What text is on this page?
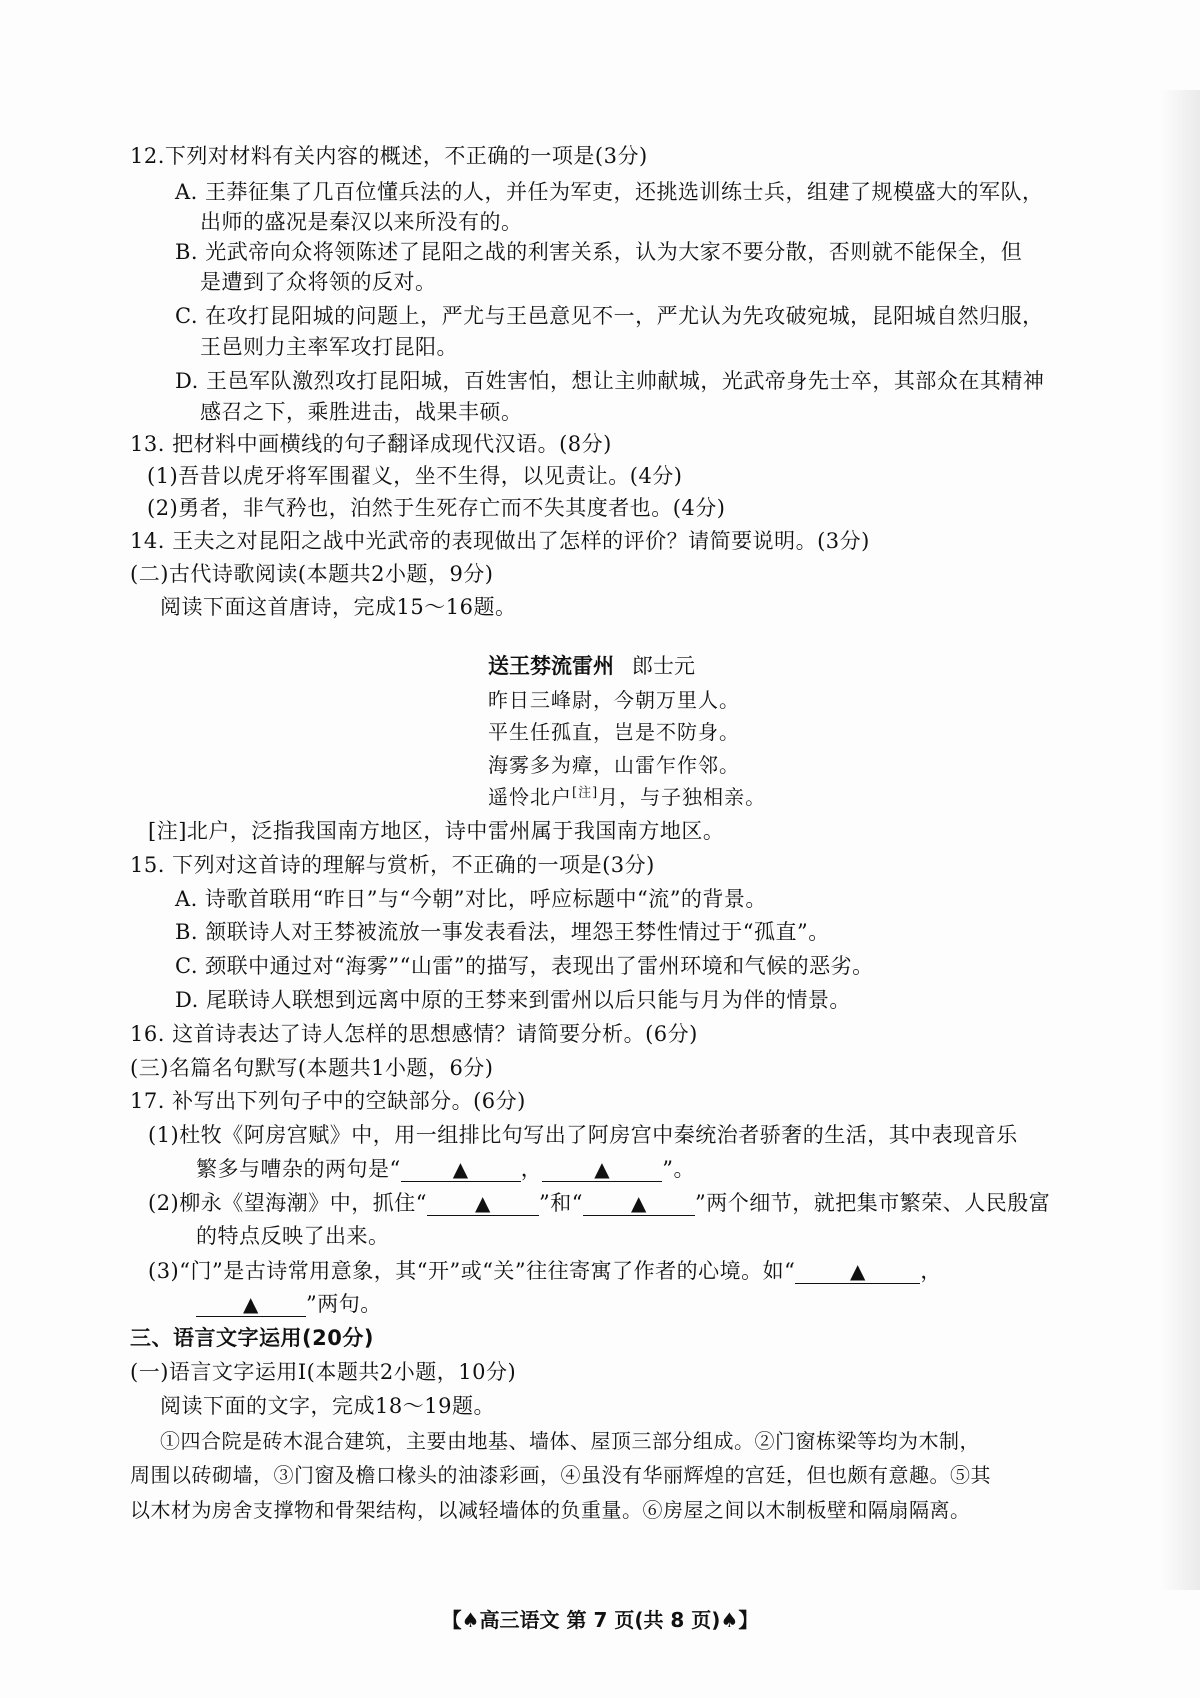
12.下列对材料有关内容的概述，不正确的一项是(3分)
A. 王莽征集了几百位懂兵法的人，并任为军吏，还挑选训练士兵，组建了规模盛大的军队，
出师的盛况是秦汉以来所没有的。
B. 光武帝向众将领陈述了昆阳之战的利害关系，认为大家不要分散，否则就不能保全，但
是遭到了众将领的反对。
C. 在攻打昆阳城的问题上，严尤与王邑意见不一，严尤认为先攻破宛城，昆阳城自然归服，
王邑则力主率军攻打昆阳。
D. 王邑军队激烈攻打昆阳城，百姓害怕，想让主帅献城，光武帝身先士卒，其部众在其精神
感召之下，乘胜进击，战果丰硕。
13. 把材料中画横线的句子翻译成现代汉语。(8分)
(1)吾昔以虎牙将军围翟义，坐不生得，以见责让。(4分)
(2)勇者，非气矜也，泊然于生死存亡而不失其度者也。(4分)
14. 王夫之对昆阳之战中光武帝的表现做出了怎样的评价？请简要说明。(3分)
(二)古代诗歌阅读(本题共2小题，9分)
阅读下面这首唐诗，完成15～16题。
送王棼流雷州 郎士元
昨日三峰尉，今朝万里人。
平生任孤直，岂是不防身。
海雾多为瘴，山雷乍作邻。
遥怜北户[注]月，与子独相亲。
[注]北户，泛指我国南方地区，诗中雷州属于我国南方地区。
15. 下列对这首诗的理解与赏析，不正确的一项是(3分)
A. 诗歌首联用“昨日”与“今朝”对比，呼应标题中“流”的背景。
B. 颔联诗人对王棼被流放一事发表看法，埋怨王棼性情过于“孤直”。
C. 颈联中通过对“海雾”“山雷”的描写，表现出了雷州环境和气候的恶劣。
D. 尾联诗人联想到远离中原的王棼来到雷州以后只能与月为伴的情景。
16. 这首诗表达了诗人怎样的思想感情？请简要分析。(6分)
(三)名篇名句默写(本题共1小题，6分)
17. 补写出下列句子中的空缺部分。(6分)
(1)杜牧《阿房宫赋》中，用一组排比句写出了阿房宫中秦统治者骄奢的生活，其中表现音乐
繁多与嘈杂的两句是“	▲ ，	▲ ”。
(2)柳永《望海潮》中，抓住“ ▲ ”和“ ▲ ”两个细节，就把集市繁荣、人民殷富
的特点反映了出来。
(3)“门”是古诗常用意象，其“开”或“关”往往寄寓了作者的心境。如“	▲	，
▲ ”两句。
三、语言文字运用(20分)
(一)语言文字运用Ⅰ(本题共2小题，10分)
阅读下面的文字，完成18～19题。
①四合院是砖木混合建筑，主要由地基、墙体、屋顶三部分组成。②门窗栋梁等均为木制，
周围以砖砌墙，③门窗及檐口椽头的油漆彩画，④虽没有华丽辉煌的宫廷，但也颇有意趣。⑤其
以木材为房舍支撑物和骨架结构，以减轻墙体的负重量。⑥房屋之间以木制板壁和隔扇隔离。
【♠高三语文 第 7 页(共 8 页)♠】
